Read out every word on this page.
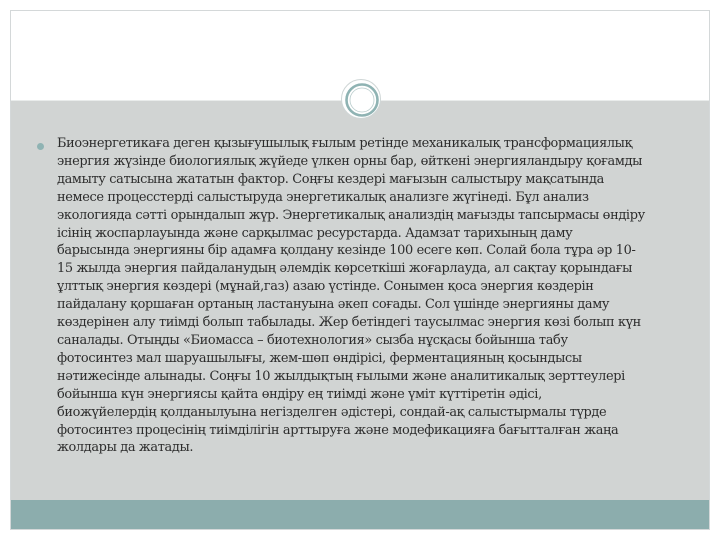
Биоэнергетикаға деген қызығушылық ғылым ретінде механикалық трансформациялық
энергия жүзінде биологиялық жүйеде үлкен орны бар, өйткені энергияландыру қоғамды
дамыту сатысына жататын фактор. Соңғы кездері мағызын салыстыру мақсатында
немесе процесстерді салыстыруда энергетикалық анализге жүгінеді. Бұл анализ
экологияда сәтті орындалып жүр. Энергетикалық анализдің мағызды тапсырмасы өндіру
ісінің жоспарлауында және сарқылмас ресурстарда. Адамзат тарихының даму
барысында энергияны бір адамға қолдану кезінде 100 есеге көп. Солай бола тұра әр 10-
15 жылда энергия пайдаланудың әлемдік көрсеткіші жоғарлауда, ал сақтау қорындағы
ұлттық энергия көздері (мұнай,газ) азаю үстінде. Сонымен қоса энергия көздерін
пайдалану қоршаған ортаның ластануына әкеп соғады. Сол үшінде энергияны даму
көздерінен алу тиімді болып табылады. Жер бетіндегі таусылмас энергия көзі болып күн
саналады. Отыңды «Биомасса – биотехнология» сызба нұсқасы бойынша табу
фотосинтез мал шаруашылығы, жем-шөп өндірісі, ферментацияның қосындысы
нәтижесінде алынады. Соңғы 10 жылдықтың ғылыми және аналитикалық зерттеулері
бойынша күн энергиясы қайта өндіру ең тиімді және үміт күттіретін әдісі,
биожүйелердің қолданылуына негізделген әдістері, сондай-ақ салыстырмалы түрде
фотосинтез процесінің тиімділігін арттыруға және модефикацияға бағытталған жаңа
жолдары да жатады.
